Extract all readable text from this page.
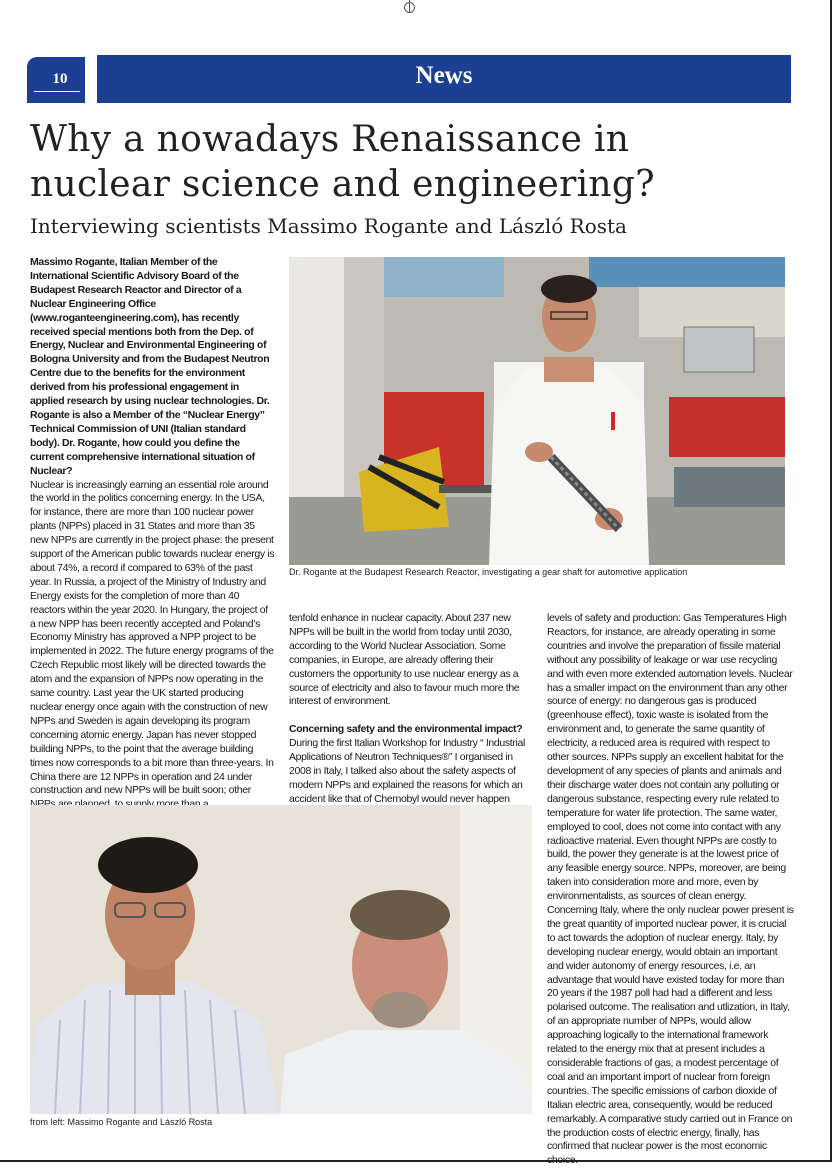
10	News
Why a nowadays Renaissance in
nuclear science and engineering?
Interviewing scientists Massimo Rogante and László Rosta

Massimo Rogante, Italian Member of the International Scientific Advisory Board of the Budapest Research Reactor and Director of a Nuclear Engineering Office (www.roganteengineering.com), has recently received special mentions both from the Dep. of Energy, Nuclear and Environmental Engineering of Bologna University and from the Budapest Neutron Centre due to the benefits for the environment derived from his professional engagement in applied research by using nuclear technologies. Dr. Rogante is also a Member of the “Nuclear Energy” Technical Commission of UNI (Italian standard body). Dr. Rogante, how could you define the current comprehensive international situation of Nuclear?

Nuclear is increasingly earning an essential role around the world in the politics concerning energy. In the USA, for instance, there are more than 100 nuclear power plants (NPPs) placed in 31 States and more than 35 new NPPs are currently in the project phase: the present support of the American public towards nuclear energy is about 74%, a record if compared to 63% of the past year. In Russia, a project of the Ministry of Industry and Energy exists for the completion of more than 40 reactors within the year 2020. In Hungary, the project of a new NPP has been recently accepted and Poland’s Economy Ministry has approved a NPP project to be implemented in 2022. The future energy programs of the Czech Republic most likely will be directed towards the atom and the expansion of NPPs now operating in the same country. Last year the UK started producing nuclear energy once again with the construction of new NPPs and Sweden is again developing its program concerning atomic energy. Japan has never stopped building NPPs, to the point that the average building times now corresponds to a bit more than three-years. In China there are 12 NPPs in operation and 24 under construction and new NPPs will be built soon; other

Dr. Rogante at the Budapest Research Reactor, investigating a gear shaft for automotive application

tenfold enhance in nuclear capacity. About 237 new NPPs will be built in the world from today until 2030, according to the World Nuclear Association. Some companies, in Europe, are already offering their customers the opportunity to use nuclear energy as a source of electricity and also to favour much more the interest of environment.

Concerning safety and the environmental impact?

During the first Italian Workshop for Industry “ Industrial Applications of Neutron Techniques®” I organised in 2008 in Italy, I talked also about the safety aspects of modern NPPs and explained the reasons for which an accident like that of Chernobyl would never happen

levels of safety and production: Gas Temperatures High Reactors, for instance, are already operating in some countries and involve the preparation of fissile material without any possibility of leakage or war use recycling and with even more extended automation levels. Nuclear has a smaller impact on the environment than any other source of energy: no dangerous gas is produced (greenhouse effect), toxic waste is isolated from the environment and, to generate the same quantity of electricity, a reduced area is required with respect to other sources. NPPs supply an excellent habitat for the development of any species of plants and animals and their discharge water does not contain any polluting or dangerous substance, respecting every rule related to temperature for water life protection. The same water, employed to cool, does not come into contact with any radioactive material. Even thought NPPs are costly to build, the power they generate is at the lowest price of any feasible energy source. NPPs, moreover, are being taken into consideration more and more, even by environmentalists, as sources of clean energy. Concerning Italy, where the only nuclear power present is the great quantity of imported nuclear power, it is crucial to act towards the adoption of nuclear energy. Italy, by developing nuclear energy, would obtain an important and wider autonomy of energy resources, i.e. an advantage that would have existed today for more than 20 years if the 1987 poll had had a different and less polarised outcome. The realisation and utlization, in Italy, of an appropriate number of NPPs, would allow approaching logically to the international framework related to the energy mix that at present includes a considerable fractions of gas, a modest percentage of coal and an important import of nuclear from foreign countries. The specific emissions of carbon dioxide of Italian electric area, consequently, would be reduced remarkably. A comparative study carried out in France on the production costs of electric energy, finally, has confirmed that nuclear power is the most economic choice.

from left: Massimo Rogante and László Rosta
